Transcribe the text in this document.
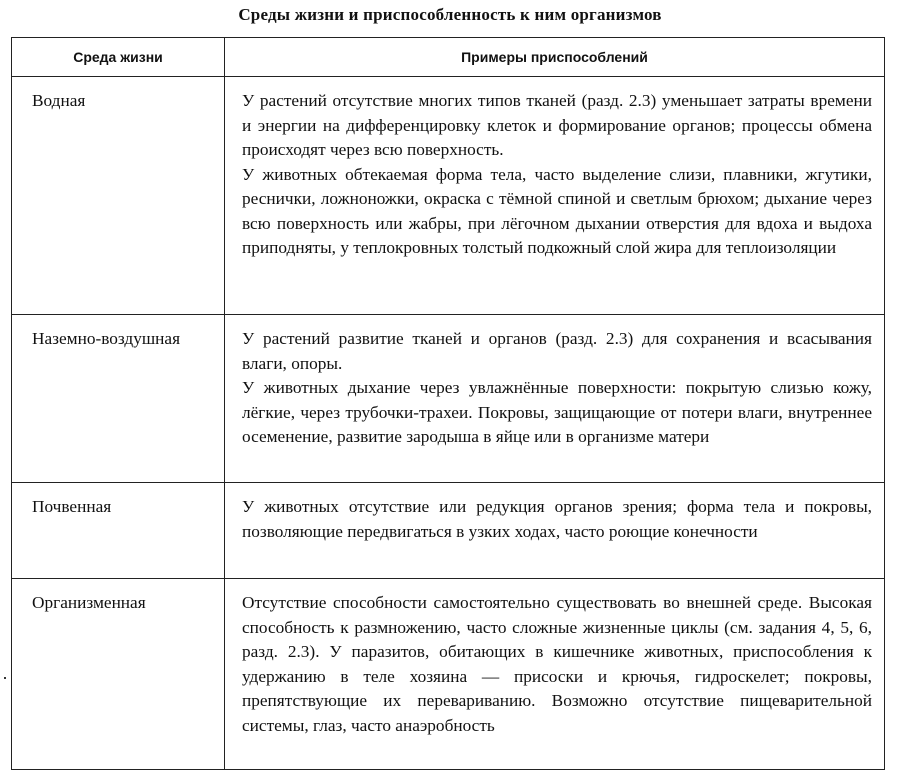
Среды жизни и приспособленность к ним организмов
Среда жизни	Примеры приспособлений
Водная	У растений отсутствие многих типов тканей (разд. 2.3) уменьшает затраты времени и энергии на дифференцировку клеток и формирование органов; процессы обмена происходят через всю поверхность.

У животных обтекаемая форма тела, часто выделение слизи, плавники, жгутики, реснички, ложноножки, окраска с тёмной спиной и светлым брюхом; дыхание через всю поверхность или жабры, при лёгочном дыхании отверстия для вдоха и выдоха приподняты, у теплокровных толстый подкожный слой жира для теплоизоляции

Наземно-воздушная	У растений развитие тканей и органов (разд. 2.3) для сохранения и всасывания влаги, опоры.

У животных дыхание через увлажнённые поверхности: покрытую слизью кожу, лёгкие, через трубочки-трахеи. Покровы, защищающие от потери влаги, внутреннее осеменение, развитие зародыша в яйце или в организме матери

Почвенная	У животных отсутствие или редукция органов зрения; форма тела и покровы, позволяющие передвигаться в узких ходах, часто роющие конечности

Организменная	Отсутствие способности самостоятельно существовать во внешней среде. Высокая способность к размножению, часто сложные жизненные циклы (см. задания 4, 5, 6, разд. 2.3). У паразитов, обитающих в кишечнике животных, приспособления к удержанию в теле хозяина — присоски и крючья, гидроскелет; покровы, препятствующие их перевариванию. Возможно отсутствие пищеварительной системы, глаз, часто анаэробность
